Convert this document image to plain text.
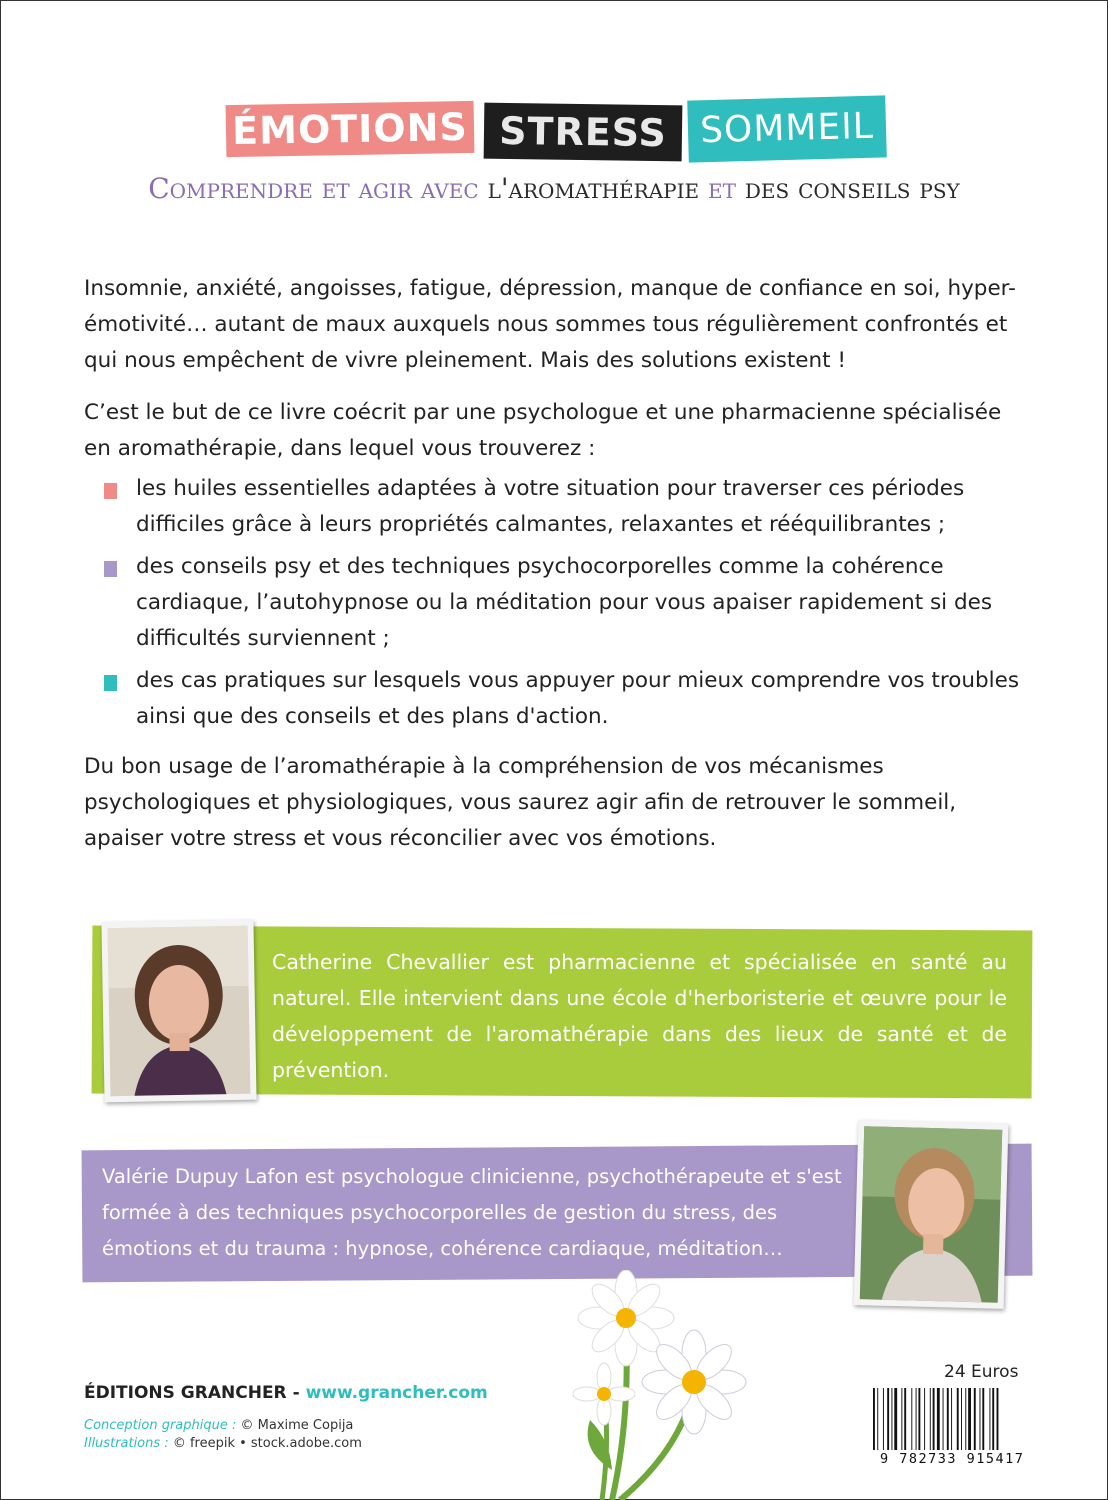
ÉMOTIONS STRESS SOMMEIL
Comprendre et agir avec l'aromathérapie et des conseils psy

Insomnie, anxiété, angoisses, fatigue, dépression, manque de confiance en soi, hyper-émotivité… autant de maux auxquels nous sommes tous régulièrement confrontés et qui nous empêchent de vivre pleinement. Mais des solutions existent !

C’est le but de ce livre coécrit par une psychologue et une pharmacienne spécialisée en aromathérapie, dans lequel vous trouverez :

les huiles essentielles adaptées à votre situation pour traverser ces périodes difficiles grâce à leurs propriétés calmantes, relaxantes et rééquilibrantes ;
des conseils psy et des techniques psychocorporelles comme la cohérence cardiaque, l’autohypnose ou la méditation pour vous apaiser rapidement si des difficultés surviennent ;
des cas pratiques sur lesquels vous appuyer pour mieux comprendre vos troubles ainsi que des conseils et des plans d'action.

Du bon usage de l’aromathérapie à la compréhension de vos mécanismes psychologiques et physiologiques, vous saurez agir afin de retrouver le sommeil, apaiser votre stress et vous réconcilier avec vos émotions.

Catherine Chevallier est pharmacienne et spécialisée en santé au naturel. Elle intervient dans une école d'herboristerie et œuvre pour le développement de l'aromathérapie dans des lieux de santé et de prévention.
Valérie Dupuy Lafon est psychologue clinicienne, psychothérapeute et s'est formée à des techniques psychocorporelles de gestion du stress, des émotions et du trauma : hypnose, cohérence cardiaque, méditation…
ÉDITIONS GRANCHER - www.grancher.com
Conception graphique : © Maxime Copija
Illustrations : © freepik • stock.adobe.com
24 Euros
9 782733 915417
